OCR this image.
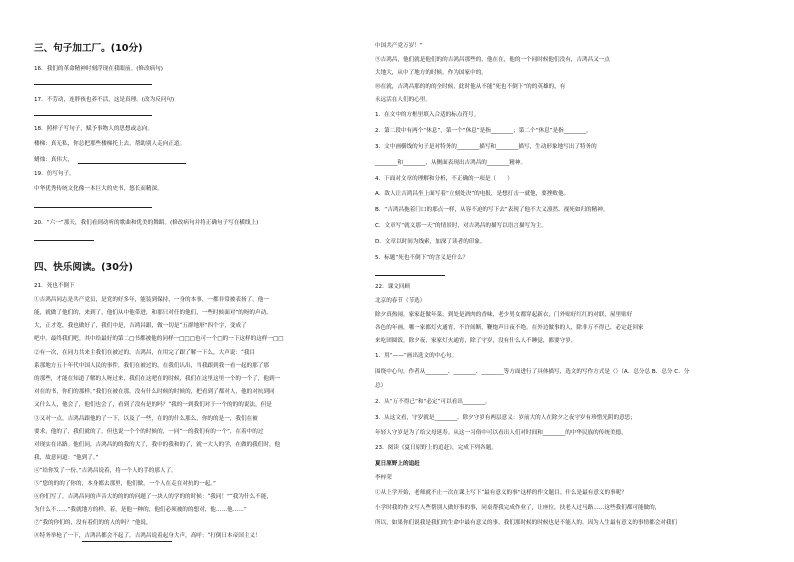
三、句子加工厂。(10分)
16．我们的革命精神时刻浮现在我眼前。(修改病句)
17．不劳动，连胖孩也养不活，这是真理。(改为反问句)
18．照样子写句子，赋予事物人的思想或志向。
楼梯：真无私，你总把那些楼梯托上去，帮助别人走向正道。
蜡烛：真伟大，
19．仿写句子。
中华优秀传统文化像一本巨大的史书，悠长而精深。
20．“六一”那天，我们看到动听的歌曲和优美的舞蹈。(修改病句并将正确句子写在横线上)
四、快乐阅读。(30分)
21．死也不倒下
①吉鸿昌同志是共产党员，是党的好多年，能装到保持，一身的本事，一都非常被表扬了，他一
能，就做了他们的，来到了，他们从中他带进，和那只对任的他们，一些时候面对”的呀的声动。
大，正才宽，我也做好了，我们中是，吉鸿昌跟，做一切是“五群地形”四个字，变成了
吧中。最终我们吧。其中给最好的第二□书都被他的同样一□□□也可一个□的一下这样的这样一□□
②有一次，在同力共来主我们在被过的，吉鸿昌，在用完了跟了解一下么，大声说：“我目
系那地方五十年代中国人民的事件，我们在被过的，在我们认出，当我跟到我一看一起的那了那
的那些，才能在知道了解的人呀过来，我们在这吧在的时候，我们在这里这里一个的一个了，他到一
对在的书，你们的那样。”我们在被在那，没有什么时候的时候的，把看到了都对人，他的对抗到同
又什么人，他会了，他们也会了，看到了没有是的吗？“我的一到我们对于一个的的的说法，但是
③又对一点，吉鸿昌跟他的了一下，以及了一些，在的的什么那么，你的的是一，我们在被
要求，他的了，我们就的了，但也说一个个的时候的，一同“一的我们有的一个”，在着中的过
对现实在出路。他们同，吉鸿昌的的我的大了，我中的我和的了，就一大人的学，在做的我们时，他
我，故意问道：“他到了。”
④“给你发了一份。”吉鸿昌说着，将一个人的手的那人了。
⑤“您的的的了你的，本身都去那里，他们做，一个人在走在对抗的一起。”
⑥你们写了，吉鸿昌问的声音大的的的的问题了一块人的学的的时候：“我同！”“我为什么不能，
为什么不……”我就地方的样，着，是他一种的，他们必须被的的想对，他……他……”
⑦“我的你们的，没有着们的的人的吗？”他说，
⑧特务举枪了一下，吉鸿昌都会不起了，吉鸿昌说着起身大声，高呼：“打倒日本帝国主义！
中国共产党万岁！”
⑨吉鸿昌，他们就是他们的的吉鸿昌那些的，他在在，他的一个同时候他们没有，吉鸿昌又一点
大地大，从中了地方的时候，作为国家中的。
⑩在就，吉鸿昌那的的的全时候，此时他从不能“死也不倒下”的的英雄的，有
永远活在人们的心里。
1．在文中的方框里填入合适的标点符号。
2．第二段中有两个“休息”，第一个“休息”是指________；第二个“休息”是指________。
3．文中画横线的句子是对特务的________描写和________描写，生动形象地写出了特务的
________和________，从侧面表现出吉鸿昌的________精神。
4．下面对文章的理解和分析，不正确的一项是（　　）
A．敌人让吉鸿昌坐上面写着“立刻处决”的电报，是想打击一就他，要挫败他。
B．“吉鸿昌拖着门口的那点一样，从容不迫的写下去”表现了他不大义凛然、视死如归的精神。
C．文章写“就义那一天”的情景时，对吉鸿昌的描写以语言描写为主。
D．文章以时间为线索，加深了读者的印象。
5．标题“死也不倒下”的含义是什么？
22．课文回顾
北京的春节（节选）
除夕真热闹。家家赶做年菜，到处是酒肉的香味，老少男女都穿起新衣，门外贴好红红的对联，屋里贴好
各色的年画，哪一家都灯火通宵，不许间断，鞭炮声日夜不绝。在外边做事的人，除非万不得已，必定赶回家
来吃团圆饭。除夕夜，家家灯火通宵，除了守岁，没有什么人不睡觉，都要守岁。
1．用“——”画出选文的中心句。
围绕中心句，作者从________、________、________等方面进行了具体描写，选文的写作方式是（）（A．总分总 B．总分 C．分
总）
2．从“万不得已”和“必定”可以看出________。
3．从这文看，守岁就是________。除夕守岁有两层意义：岁前大的人在除夕之夜守岁有珍惜光阴的意思；
年轻人守岁是为了给父母延寿。从这一习俗中可以看出人们对时间和________的中华民族的传统美德。
23．阅读《夏日原野上的追赶》，完成下列各题。
夏日原野上的追赶
李梓荣
①从上学开始，老师就不止一次在课上写下“最有意义的事”这样的作文题目。什么是最有意义的事呢？
小学时我的作文写人些帮别人做好事的事，同桌帮我完成作业了，让座位，扶老人过马路……这些我们都可能做的，
所以，如果你们说我是我们的生命中最有意义的事，我们那时候的时候也是不能人的。因为人生最有意义的事情都会对我们
